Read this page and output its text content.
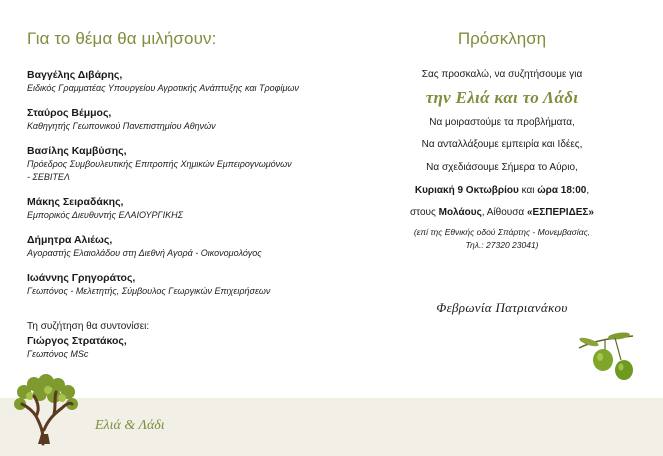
Για το θέμα θα μιλήσουν:
Βαγγέλης Διβάρης,
Ειδικός Γραμματέας Υπουργείου Αγροτικής Ανάπτυξης και Τροφίμων
Σταύρος Βέμμος,
Καθηγητής Γεωπονικού Πανεπιστημίου Αθηνών
Βασίλης Καμβύσης,
Πρόεδρος Συμβουλευτικής Επιτροπής Χημικών Εμπειρογνωμόνων
- ΣΕΒΙΤΕΛ
Μάκης Σειραδάκης,
Εμπορικός Διευθυντής ΕΛΑΙΟΥΡΓΙΚΗΣ
Δήμητρα Αλιέως,
Αγοραστής Ελαιολάδου στη Διεθνή Αγορά - Οικονομολόγος
Ιωάννης Γρηγοράτος,
Γεωπόνος - Μελετητής, Σύμβουλος Γεωργικών Επιχειρήσεων
Τη συζήτηση θα συντονίσει:
Γιώργος Στρατάκος,
Γεωπόνος MSc
Πρόσκληση
Σας προσκαλώ, να συζητήσουμε για
την Ελιά και το Λάδι
Να μοιραστούμε τα προβλήματα,
Να ανταλλάξουμε εμπειρία και Ιδέες,
Να σχεδιάσουμε Σήμερα το Αύριο,
Κυριακή 9 Οκτωβρίου και ώρα 18:00,
στους Μολάους, Αίθουσα «ΕΣΠΕΡΙΔΕΣ»
(επί της Εθνικής οδού Σπάρτης - Μονεμβασίας,
Τηλ.: 27320 23041)
Φεβρωνία Πατριανάκου
Ελιά & Λάδι
